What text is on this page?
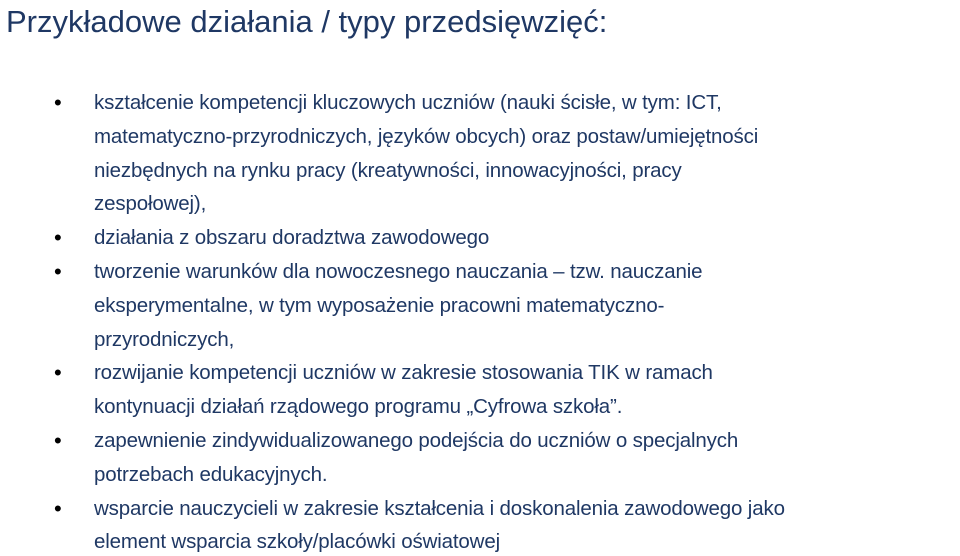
Przykładowe działania / typy przedsięwzięć:
• kształcenie kompetencji kluczowych uczniów (nauki ścisłe, w tym: ICT,
matematyczno-przyrodniczych, języków obcych) oraz postaw/umiejętności
niezbędnych na rynku pracy (kreatywności, innowacyjności, pracy
zespołowej),
• działania z obszaru doradztwa zawodowego
• tworzenie warunków dla nowoczesnego nauczania – tzw. nauczanie
eksperymentalne, w tym wyposażenie pracowni matematyczno-
przyrodniczych,
• rozwijanie kompetencji uczniów w zakresie stosowania TIK w ramach
kontynuacji działań rządowego programu „Cyfrowa szkoła”.
• zapewnienie zindywidualizowanego podejścia do uczniów o specjalnych
potrzebach edukacyjnych.
• wsparcie nauczycieli w zakresie kształcenia i doskonalenia zawodowego jako
element wsparcia szkoły/placówki oświatowej
